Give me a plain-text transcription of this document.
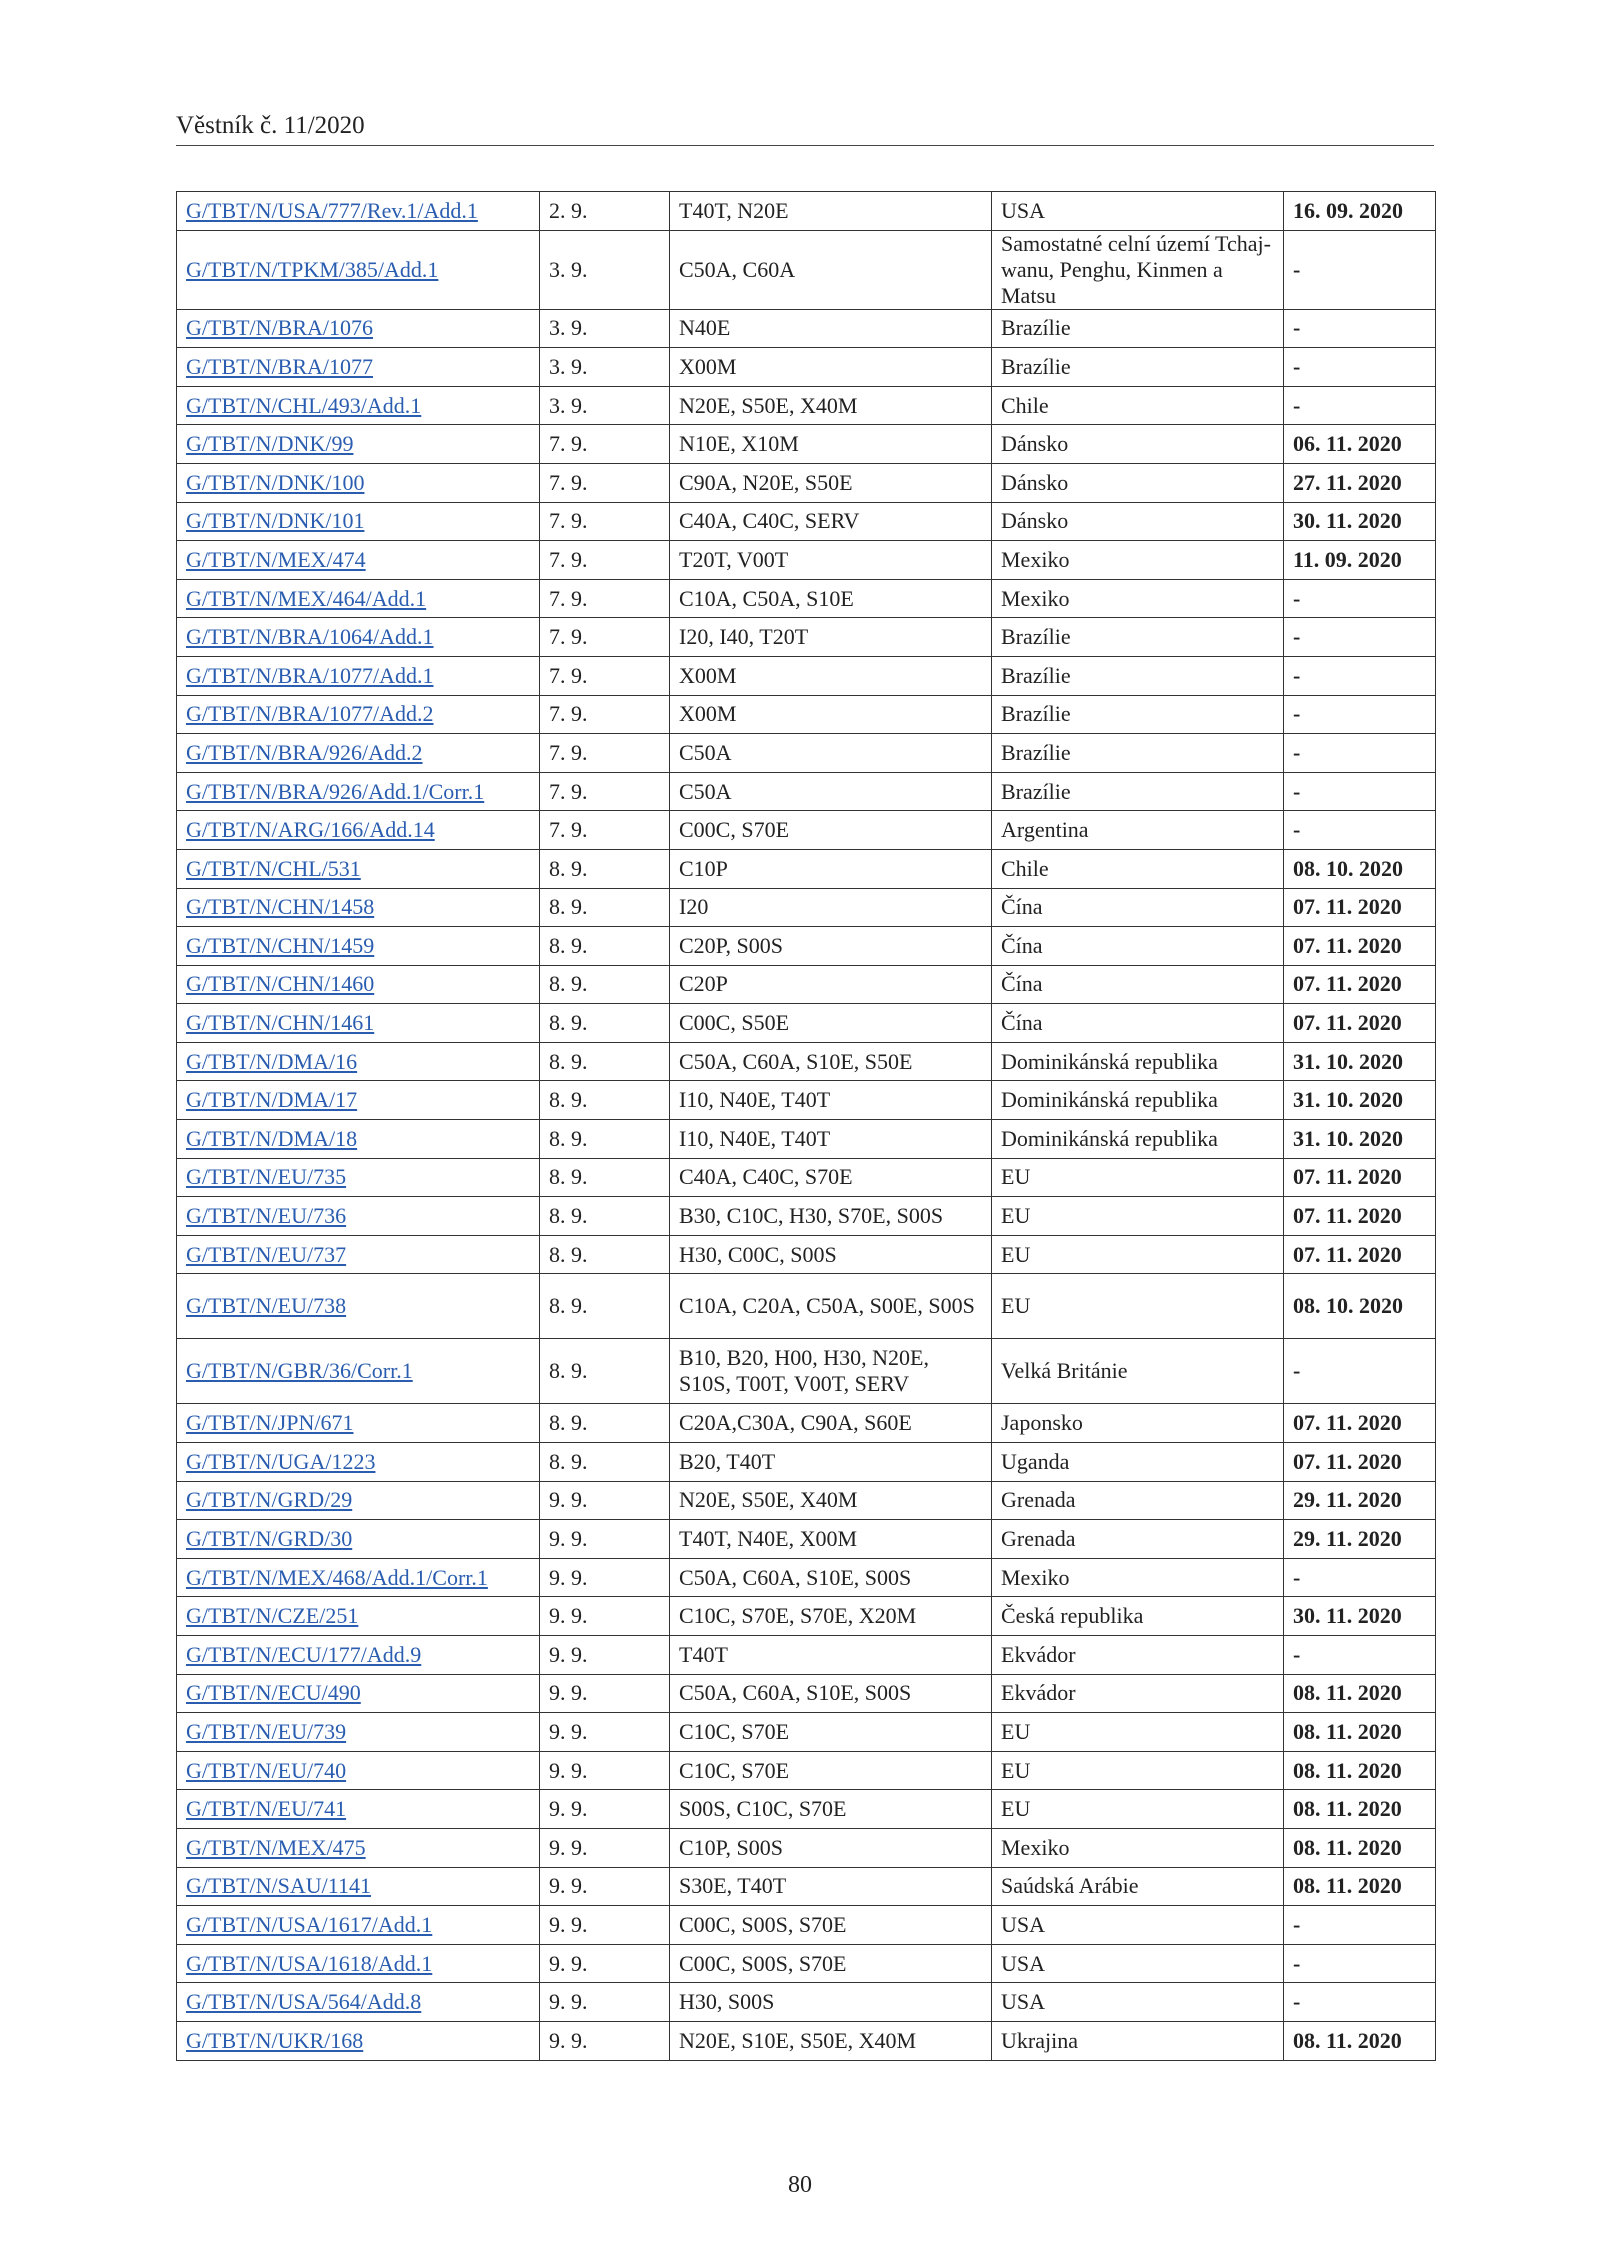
Věstník č. 11/2020
G/TBT/N/USA/777/Rev.1/Add.1	2. 9.	T40T, N20E	USA	16. 09. 2020
G/TBT/N/TPKM/385/Add.1	3. 9.	C50A, C60A	Samostatné celní území Tchaj-wanu, Penghu, Kinmen a Matsu	-
G/TBT/N/BRA/1076	3. 9.	N40E	Brazílie	-
G/TBT/N/BRA/1077	3. 9.	X00M	Brazílie	-
G/TBT/N/CHL/493/Add.1	3. 9.	N20E, S50E, X40M	Chile	-
G/TBT/N/DNK/99	7. 9.	N10E, X10M	Dánsko	06. 11. 2020
G/TBT/N/DNK/100	7. 9.	C90A, N20E, S50E	Dánsko	27. 11. 2020
G/TBT/N/DNK/101	7. 9.	C40A, C40C, SERV	Dánsko	30. 11. 2020
G/TBT/N/MEX/474	7. 9.	T20T, V00T	Mexiko	11. 09. 2020
G/TBT/N/MEX/464/Add.1	7. 9.	C10A, C50A, S10E	Mexiko	-
G/TBT/N/BRA/1064/Add.1	7. 9.	I20, I40, T20T	Brazílie	-
G/TBT/N/BRA/1077/Add.1	7. 9.	X00M	Brazílie	-
G/TBT/N/BRA/1077/Add.2	7. 9.	X00M	Brazílie	-
G/TBT/N/BRA/926/Add.2	7. 9.	C50A	Brazílie	-
G/TBT/N/BRA/926/Add.1/Corr.1	7. 9.	C50A	Brazílie	-
G/TBT/N/ARG/166/Add.14	7. 9.	C00C, S70E	Argentina	-
G/TBT/N/CHL/531	8. 9.	C10P	Chile	08. 10. 2020
G/TBT/N/CHN/1458	8. 9.	I20	Čína	07. 11. 2020
G/TBT/N/CHN/1459	8. 9.	C20P, S00S	Čína	07. 11. 2020
G/TBT/N/CHN/1460	8. 9.	C20P	Čína	07. 11. 2020
G/TBT/N/CHN/1461	8. 9.	C00C, S50E	Čína	07. 11. 2020
G/TBT/N/DMA/16	8. 9.	C50A, C60A, S10E, S50E	Dominikánská republika	31. 10. 2020
G/TBT/N/DMA/17	8. 9.	I10, N40E, T40T	Dominikánská republika	31. 10. 2020
G/TBT/N/DMA/18	8. 9.	I10, N40E, T40T	Dominikánská republika	31. 10. 2020
G/TBT/N/EU/735	8. 9.	C40A, C40C, S70E	EU	07. 11. 2020
G/TBT/N/EU/736	8. 9.	B30, C10C, H30, S70E, S00S	EU	07. 11. 2020
G/TBT/N/EU/737	8. 9.	H30, C00C, S00S	EU	07. 11. 2020
G/TBT/N/EU/738	8. 9.	C10A, C20A, C50A, S00E, S00S	EU	08. 10. 2020
G/TBT/N/GBR/36/Corr.1	8. 9.	B10, B20, H00, H30, N20E, S10S, T00T, V00T, SERV	Velká Británie	-
G/TBT/N/JPN/671	8. 9.	C20A,C30A, C90A, S60E	Japonsko	07. 11. 2020
G/TBT/N/UGA/1223	8. 9.	B20, T40T	Uganda	07. 11. 2020
G/TBT/N/GRD/29	9. 9.	N20E, S50E, X40M	Grenada	29. 11. 2020
G/TBT/N/GRD/30	9. 9.	T40T, N40E, X00M	Grenada	29. 11. 2020
G/TBT/N/MEX/468/Add.1/Corr.1	9. 9.	C50A, C60A, S10E, S00S	Mexiko	-
G/TBT/N/CZE/251	9. 9.	C10C, S70E, S70E, X20M	Česká republika	30. 11. 2020
G/TBT/N/ECU/177/Add.9	9. 9.	T40T	Ekvádor	-
G/TBT/N/ECU/490	9. 9.	C50A, C60A, S10E, S00S	Ekvádor	08. 11. 2020
G/TBT/N/EU/739	9. 9.	C10C, S70E	EU	08. 11. 2020
G/TBT/N/EU/740	9. 9.	C10C, S70E	EU	08. 11. 2020
G/TBT/N/EU/741	9. 9.	S00S, C10C, S70E	EU	08. 11. 2020
G/TBT/N/MEX/475	9. 9.	C10P, S00S	Mexiko	08. 11. 2020
G/TBT/N/SAU/1141	9. 9.	S30E, T40T	Saúdská Arábie	08. 11. 2020
G/TBT/N/USA/1617/Add.1	9. 9.	C00C, S00S, S70E	USA	-
G/TBT/N/USA/1618/Add.1	9. 9.	C00C, S00S, S70E	USA	-
G/TBT/N/USA/564/Add.8	9. 9.	H30, S00S	USA	-
G/TBT/N/UKR/168	9. 9.	N20E, S10E, S50E, X40M	Ukrajina	08. 11. 2020
80
